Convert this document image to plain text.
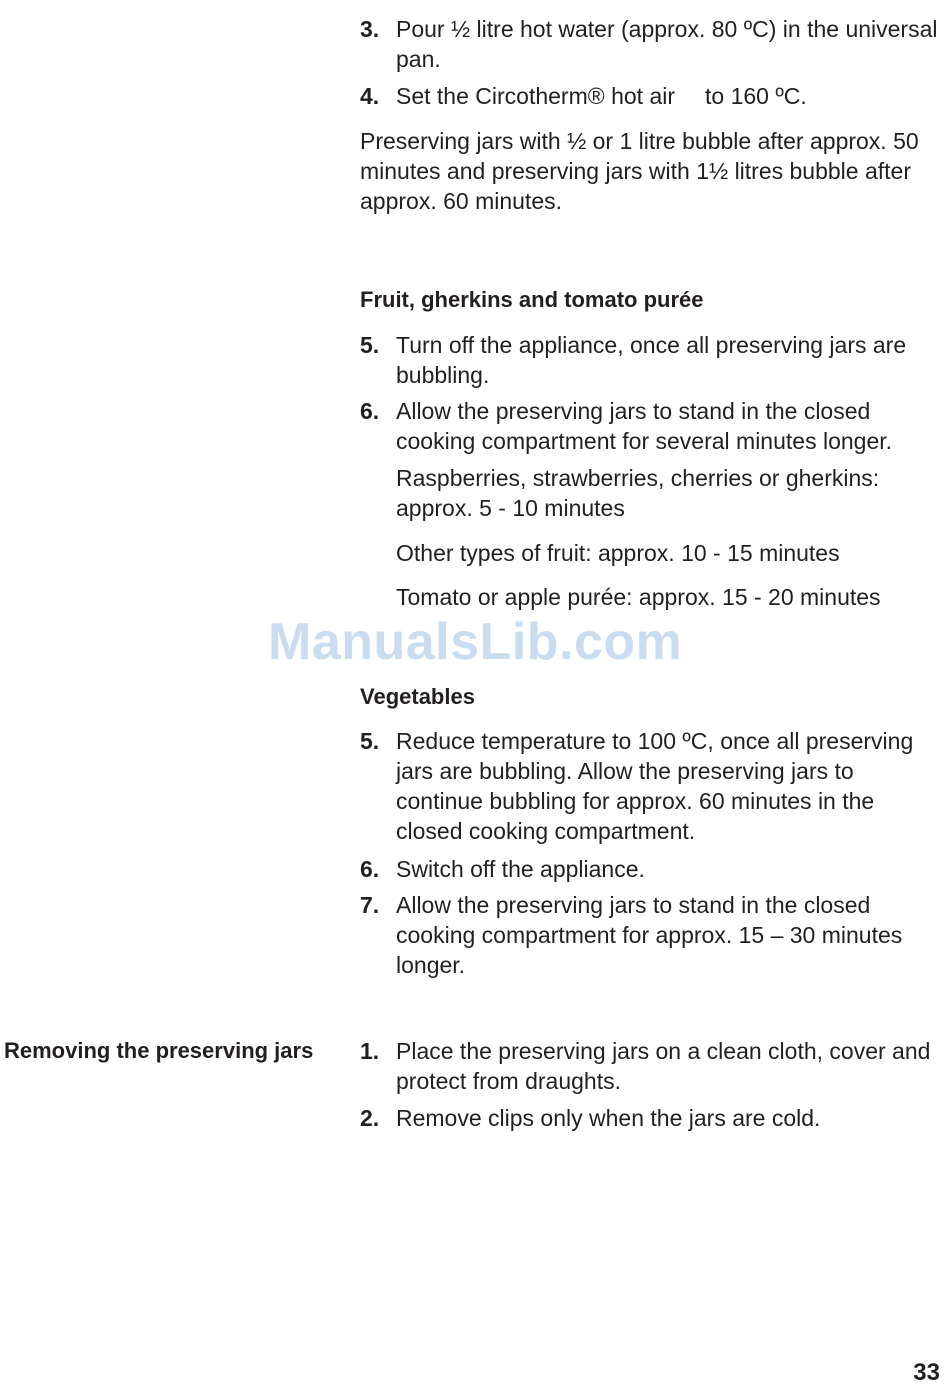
3. Pour ½ litre hot water (approx. 80 ºC) in the universal pan.
4. Set the Circotherm® hot air to 160 ºC.
Preserving jars with ½ or 1 litre bubble after approx. 50 minutes and preserving jars with 1½ litres bubble after approx. 60 minutes.
Fruit, gherkins and tomato purée
5. Turn off the appliance, once all preserving jars are bubbling.
6. Allow the preserving jars to stand in the closed cooking compartment for several minutes longer.
Raspberries, strawberries, cherries or gherkins: approx. 5 - 10 minutes
Other types of fruit: approx. 10 - 15 minutes
Tomato or apple purée: approx. 15 - 20 minutes
ManualsLib.com
Vegetables
5. Reduce temperature to 100 ºC, once all preserving jars are bubbling. Allow the preserving jars to continue bubbling for approx. 60 minutes in the closed cooking compartment.
6. Switch off the appliance.
7. Allow the preserving jars to stand in the closed cooking compartment for approx. 15 – 30 minutes longer.
Removing the preserving jars 1. Place the preserving jars on a clean cloth, cover and protect from draughts.
2. Remove clips only when the jars are cold.
33
